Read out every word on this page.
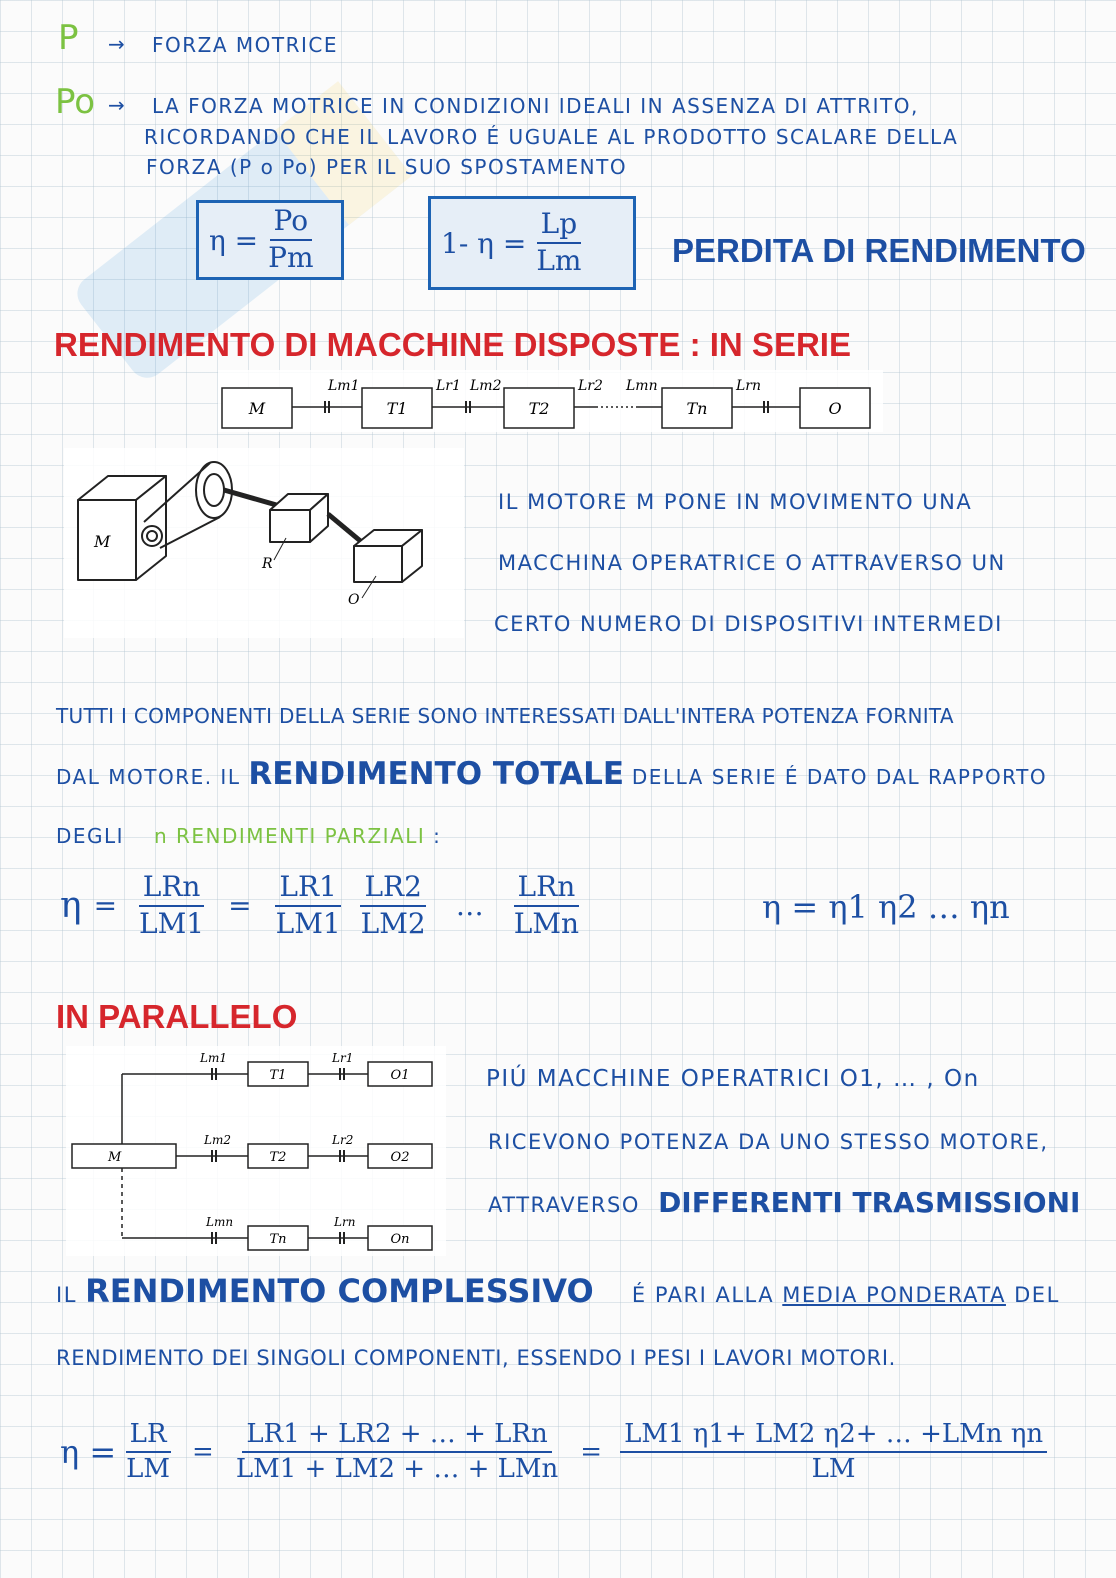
P → FORZA MOTRICE
Po → LA FORZA MOTRICE IN CONDIZIONI IDEALI IN ASSENZA DI ATTRITO,
RICORDANDO CHE IL LAVORO É UGUALE AL PRODOTTO SCALARE DELLA
FORZA (P o Po) PER IL SUO SPOSTAMENTO
$\eta = \frac{Po}{Pm}$	1- $\eta = \frac{Lp}{Lm}$	PERDITA DI RENDIMENTO
RENDIMENTO DI MACCHINE DISPOSTE : IN SERIE
M	T1	T2	Tn	O
Lm1	Lr1 Lm2	Lr2 Lmn	Lrn
M
R
O
IL MOTORE M PONE IN MOVIMENTO UNA
MACCHINA OPERATRICE O ATTRAVERSO UN
CERTO NUMERO DI DISPOSITIVI INTERMEDI
TUTTI I COMPONENTI DELLA SERIE SONO INTERESSATI DALL'INTERA POTENZA FORNITA
DAL MOTORE. IL RENDIMENTO TOTALE DELLA SERIE É DATO DAL RAPPORTO
DEGLI n RENDIMENTI PARZIALI :
$\eta = \frac{\text{LRn}}{LM1} = \frac{LR1}{LM1} \frac{LR2}{LM2}$ … $\frac{\text{LRn}}{\text{LMn}}$	η = η1 η2 … ηn
IN PARALLELO
M
T1
T2
Tn
O1
O2
On
Lm1
Lm2
Lmn
Lr1
Lr2
Lrn
PIÚ MACCHINE OPERATRICI O1, … , On
RICEVONO POTENZA DA UNO STESSO MOTORE,
ATTRAVERSO DIFFERENTI TRASMISSIONI
IL RENDIMENTO COMPLESSIVO É PARI ALLA MEDIA PONDERATA DEL
RENDIMENTO DEI SINGOLI COMPONENTI, ESSENDO I PESI I LAVORI MOTORI.
$\eta = \frac{LR}{LM} = \frac{\text{LR1 + LR2 + … + LRn}}{\text{LM1 + LM2 + … + LMn}} = \frac{\text{LM1 η1+ LM2 η2+ … +LMn ηn}}{LM}$
